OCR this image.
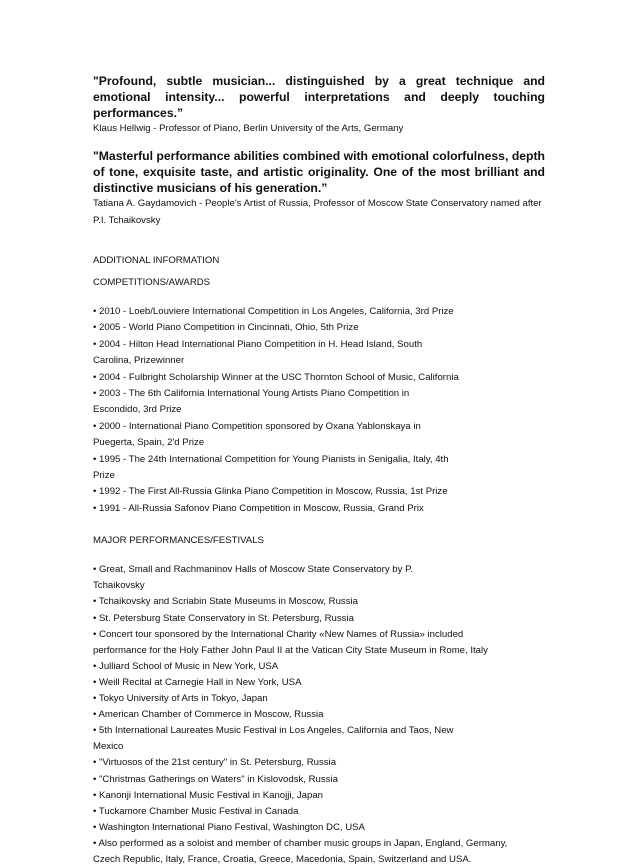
"Profound, subtle musician... distinguished by a great technique and emotional intensity... powerful interpretations and deeply touching performances.”

Klaus Hellwig - Professor of Piano, Berlin University of the Arts, Germany

"Masterful performance abilities combined with emotional colorfulness, depth of tone, exquisite taste, and artistic originality. One of the most brilliant and distinctive musicians of his generation.”

Tatiana A. Gaydamovich - People's Artist of Russia, Professor of Moscow State Conservatory named after

P.I. Tchaikovsky

ADDITIONAL INFORMATION

COMPETITIONS/AWARDS

• 2010 - Loeb/Louviere International Competition in Los Angeles, California, 3rd Prize
• 2005 - World Piano Competition in Cincinnati, Ohio, 5th Prize
• 2004 - Hilton Head International Piano Competition in H. Head Island, South
Carolina, Prizewinner
• 2004 - Fulbright Scholarship Winner at the USC Thornton School of Music, California
• 2003 - The 6th California International Young Artists Piano Competition in
Escondido, 3rd Prize
• 2000 - International Piano Competition sponsored by Oxana Yablonskaya in
Puegerta, Spain, 2'd Prize
• 1995 - The 24th International Competition for Young Pianists in Senigalia, Italy, 4th
Prize
• 1992 - The First All-Russia Glinka Piano Competition in Moscow, Russia, 1st Prize
• 1991 - All-Russia Safonov Piano Competition in Moscow, Russia, Grand Prix

MAJOR PERFORMANCES/FESTIVALS

• Great, Small and Rachmaninov Halls of Moscow State Conservatory by P.
Tchaikovsky
• Tchaikovsky and Scriabin State Museums in Moscow, Russia
• St. Petersburg State Conservatory in St. Petersburg, Russia
• Concert tour sponsored by the International Charity «New Names of Russia» included
performance for the Holy Father John Paul II at the Vatican City State Museum in Rome, Italy
• Julliard School of Music in New York, USA
• Weill Recital at Carnegie Hall in New York, USA
• Tokyo University of Arts in Tokyo, Japan
• American Chamber of Commerce in Moscow, Russia
• 5th International Laureates Music Festival in Los Angeles, California and Taos, New
Mexico
• "Virtuosos of the 21st century" in St. Petersburg, Russia
• "Christmas Gatherings on Waters" in Kislovodsk, Russia
• Kanonji International Music Festival in Kanojji, Japan
• Tuckamore Chamber Music Festival in Canada
• Washington International Piano Festival, Washington DC, USA
• Also performed as a soloist and member of chamber music groups in Japan, England, Germany,
Czech Republic, Italy, France, Croatia, Greece, Macedonia, Spain, Switzerland and USA.
